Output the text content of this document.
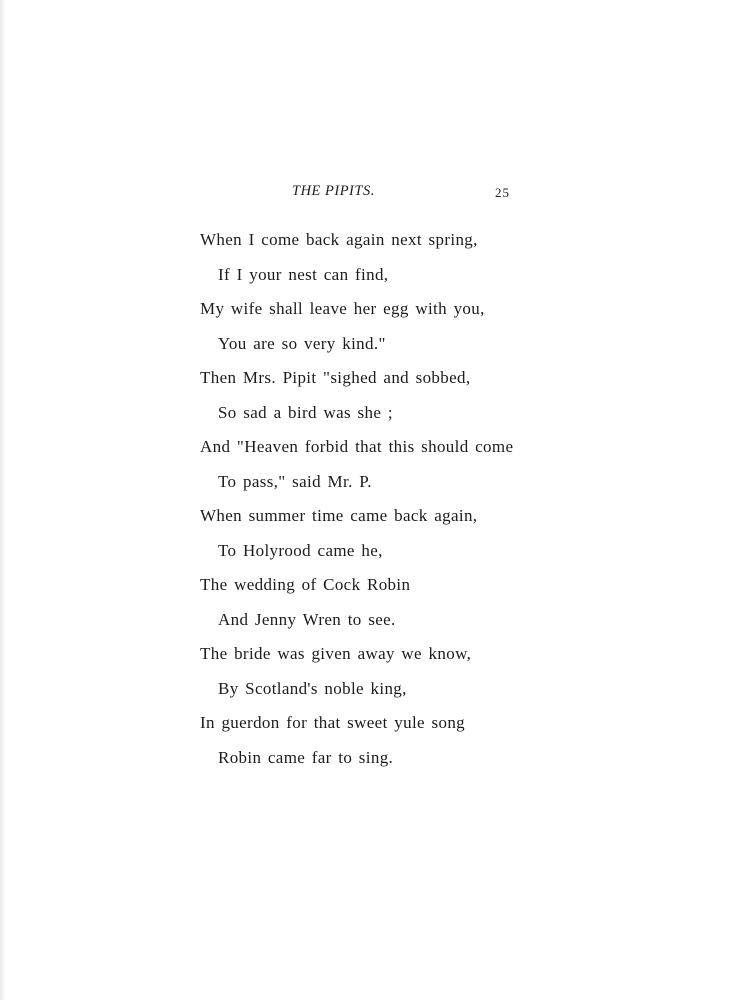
THE PIPITS.	25
When I come back again next spring,
If I your nest can find,
My wife shall leave her egg with you,
You are so very kind."
Then Mrs. Pipit "sighed and sobbed,
So sad a bird was she ;
And "Heaven forbid that this should come
To pass," said Mr. P.
When summer time came back again,
To Holyrood came he,
The wedding of Cock Robin
And Jenny Wren to see.
The bride was given away we know,
By Scotland's noble king,
In guerdon for that sweet yule song
Robin came far to sing.
